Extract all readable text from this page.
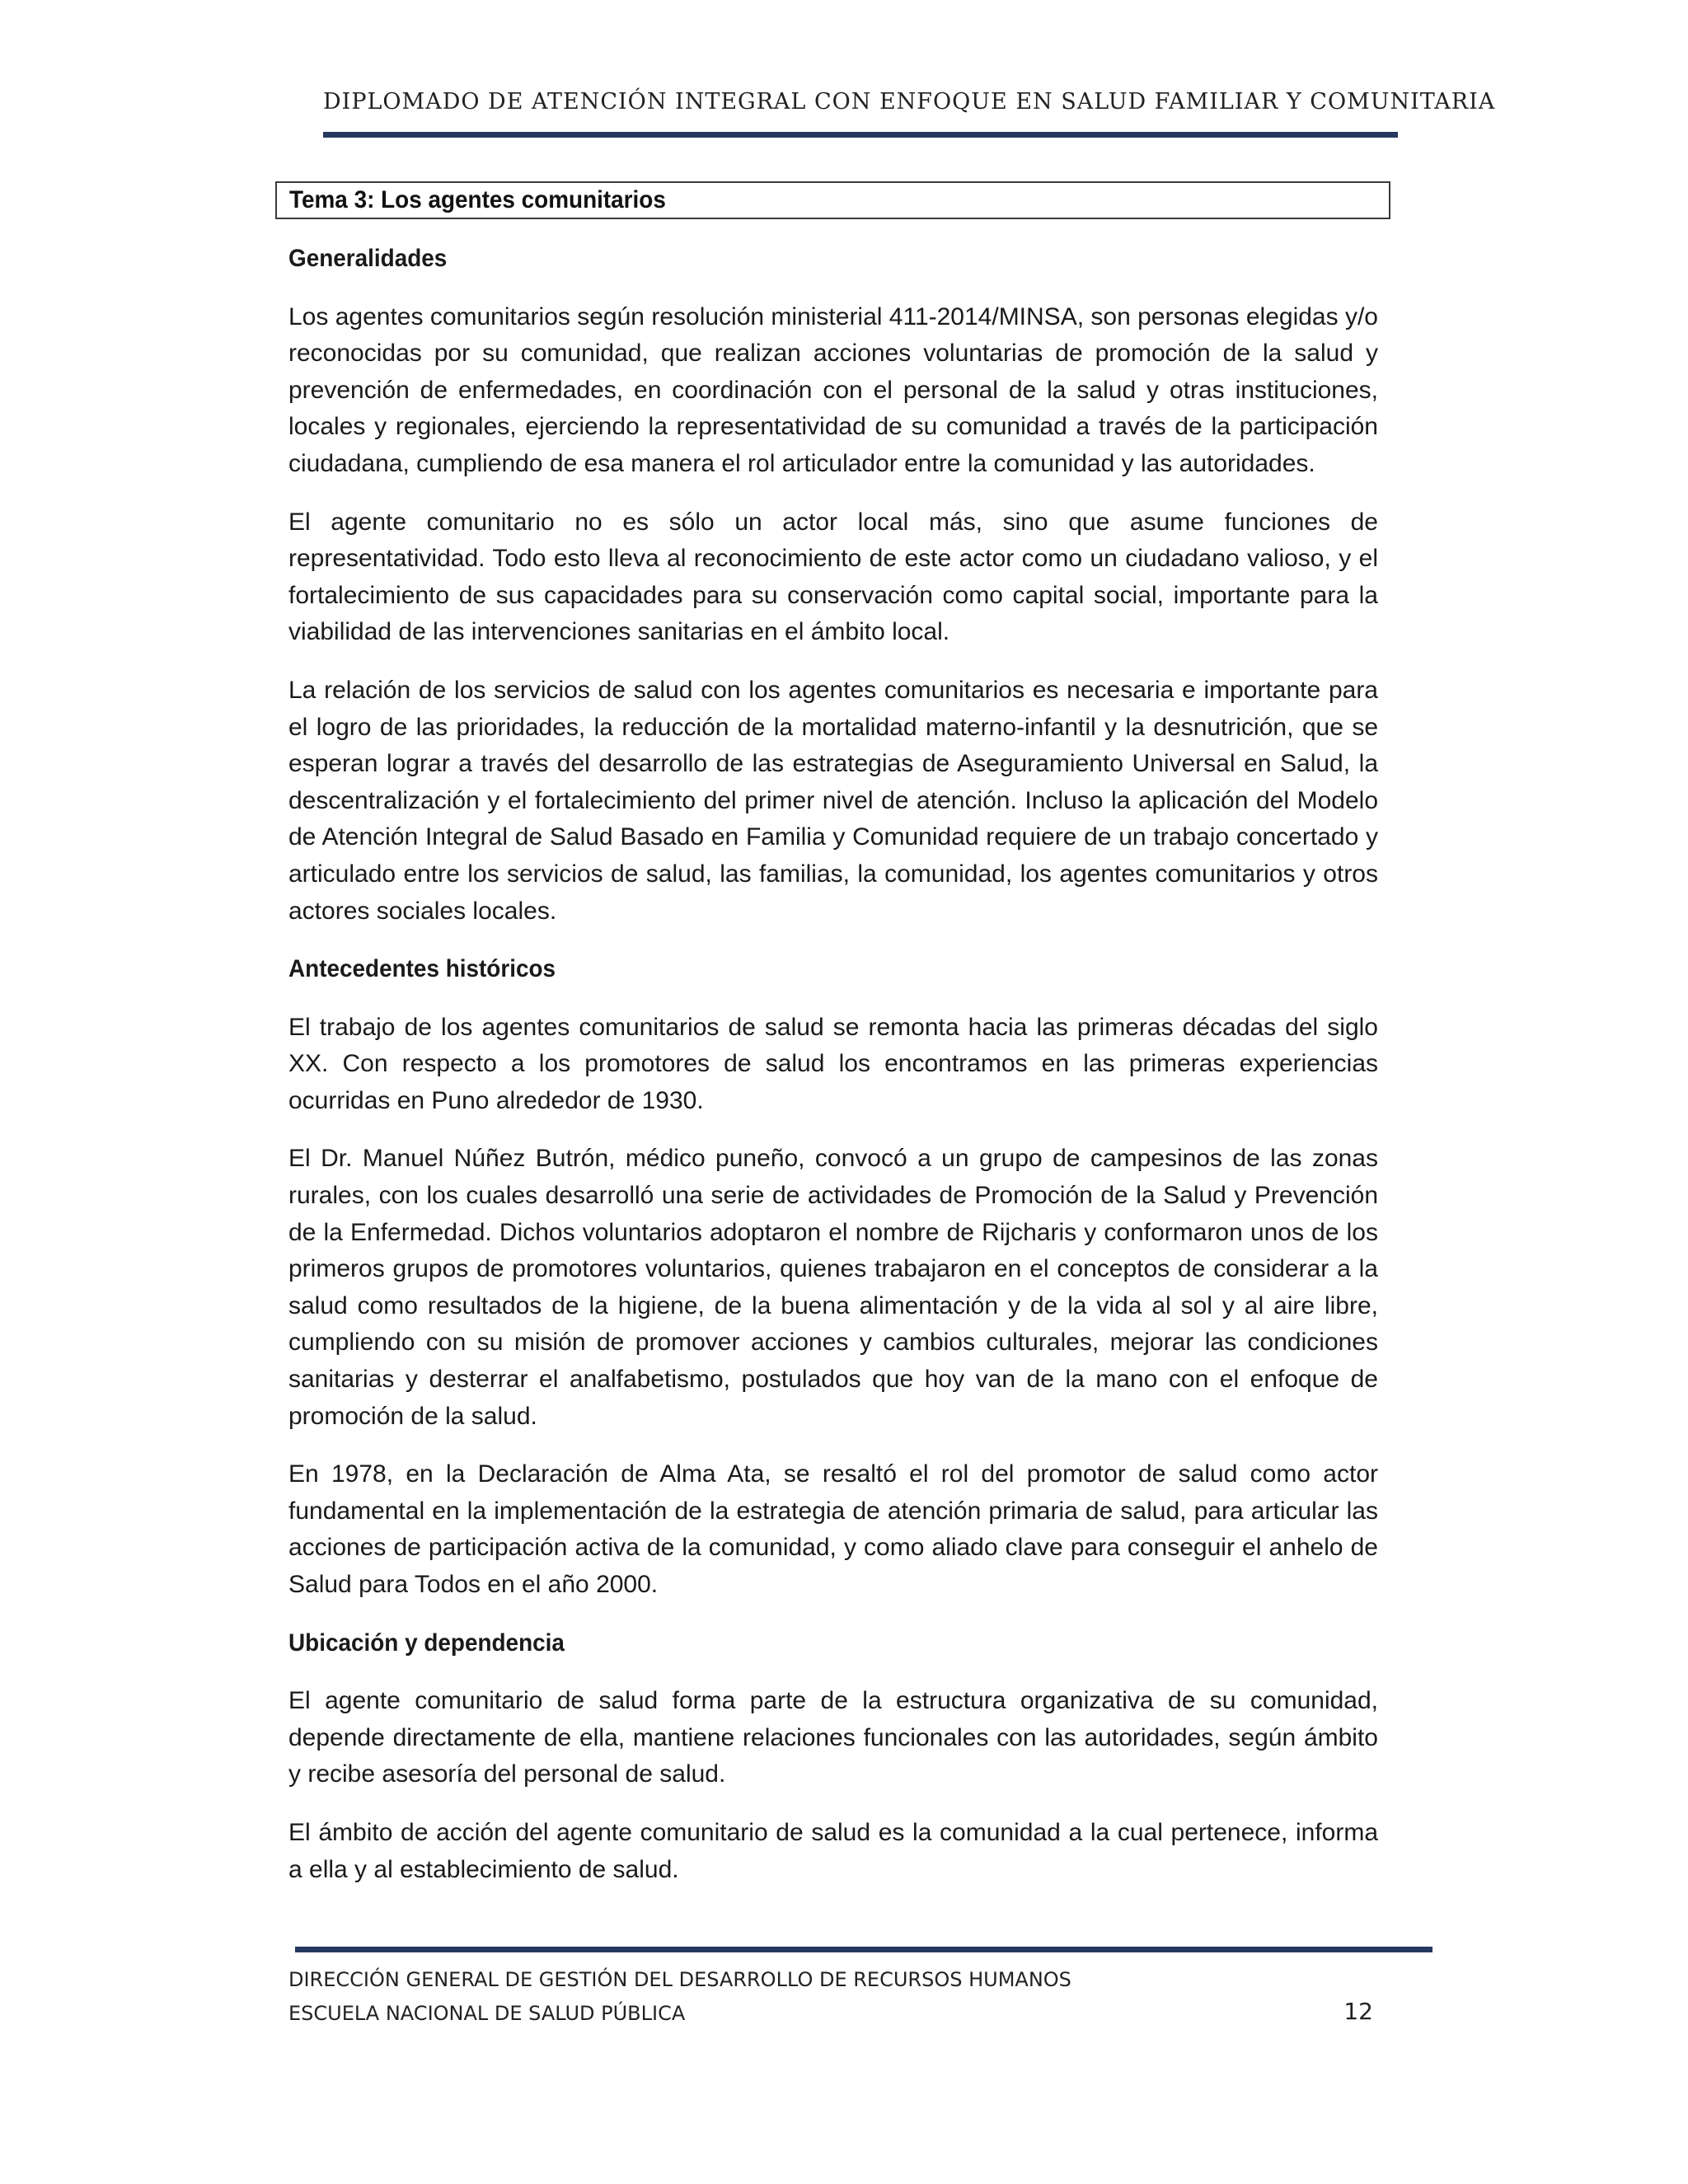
DIPLOMADO DE ATENCIÓN INTEGRAL CON ENFOQUE EN SALUD FAMILIAR Y COMUNITARIA
Tema 3: Los agentes comunitarios
Generalidades

Los agentes comunitarios según resolución ministerial 411-2014/MINSA, son personas elegidas y/o reconocidas por su comunidad, que realizan acciones voluntarias de promoción de la salud y prevención de enfermedades, en coordinación con el personal de la salud y otras instituciones, locales y regionales, ejerciendo la representatividad de su comunidad a través de la participación ciudadana, cumpliendo de esa manera el rol articulador entre la comunidad y las autoridades.

El agente comunitario no es sólo un actor local más, sino que asume funciones de representatividad. Todo esto lleva al reconocimiento de este actor como un ciudadano valioso, y el fortalecimiento de sus capacidades para su conservación como capital social, importante para la viabilidad de las intervenciones sanitarias en el ámbito local.

La relación de los servicios de salud con los agentes comunitarios es necesaria e importante para el logro de las prioridades, la reducción de la mortalidad materno-infantil y la desnutrición, que se esperan lograr a través del desarrollo de las estrategias de Aseguramiento Universal en Salud, la descentralización y el fortalecimiento del primer nivel de atención. Incluso la aplicación del Modelo de Atención Integral de Salud Basado en Familia y Comunidad requiere de un trabajo concertado y articulado entre los servicios de salud, las familias, la comunidad, los agentes comunitarios y otros actores sociales locales.

Antecedentes históricos

El trabajo de los agentes comunitarios de salud se remonta hacia las primeras décadas del siglo XX. Con respecto a los promotores de salud los encontramos en las primeras experiencias ocurridas en Puno alrededor de 1930.

El Dr. Manuel Núñez Butrón, médico puneño, convocó a un grupo de campesinos de las zonas rurales, con los cuales desarrolló una serie de actividades de Promoción de la Salud y Prevención de la Enfermedad. Dichos voluntarios adoptaron el nombre de Rijcharis y conformaron unos de los primeros grupos de promotores voluntarios, quienes trabajaron en el conceptos de considerar a la salud como resultados de la higiene, de la buena alimentación y de la vida al sol y al aire libre, cumpliendo con su misión de promover acciones y cambios culturales, mejorar las condiciones sanitarias y desterrar el analfabetismo, postulados que hoy van de la mano con el enfoque de promoción de la salud.

En 1978, en la Declaración de Alma Ata, se resaltó el rol del promotor de salud como actor fundamental en la implementación de la estrategia de atención primaria de salud, para articular las acciones de participación activa de la comunidad, y como aliado clave para conseguir el anhelo de Salud para Todos en el año 2000.

Ubicación y dependencia

El agente comunitario de salud forma parte de la estructura organizativa de su comunidad, depende directamente de ella, mantiene relaciones funcionales con las autoridades, según ámbito y recibe asesoría del personal de salud.

El ámbito de acción del agente comunitario de salud es la comunidad a la cual pertenece, informa a ella y al establecimiento de salud.

DIRECCIÓN GENERAL DE GESTIÓN DEL DESARROLLO DE RECURSOS HUMANOS
ESCUELA NACIONAL DE SALUD PÚBLICA	12
